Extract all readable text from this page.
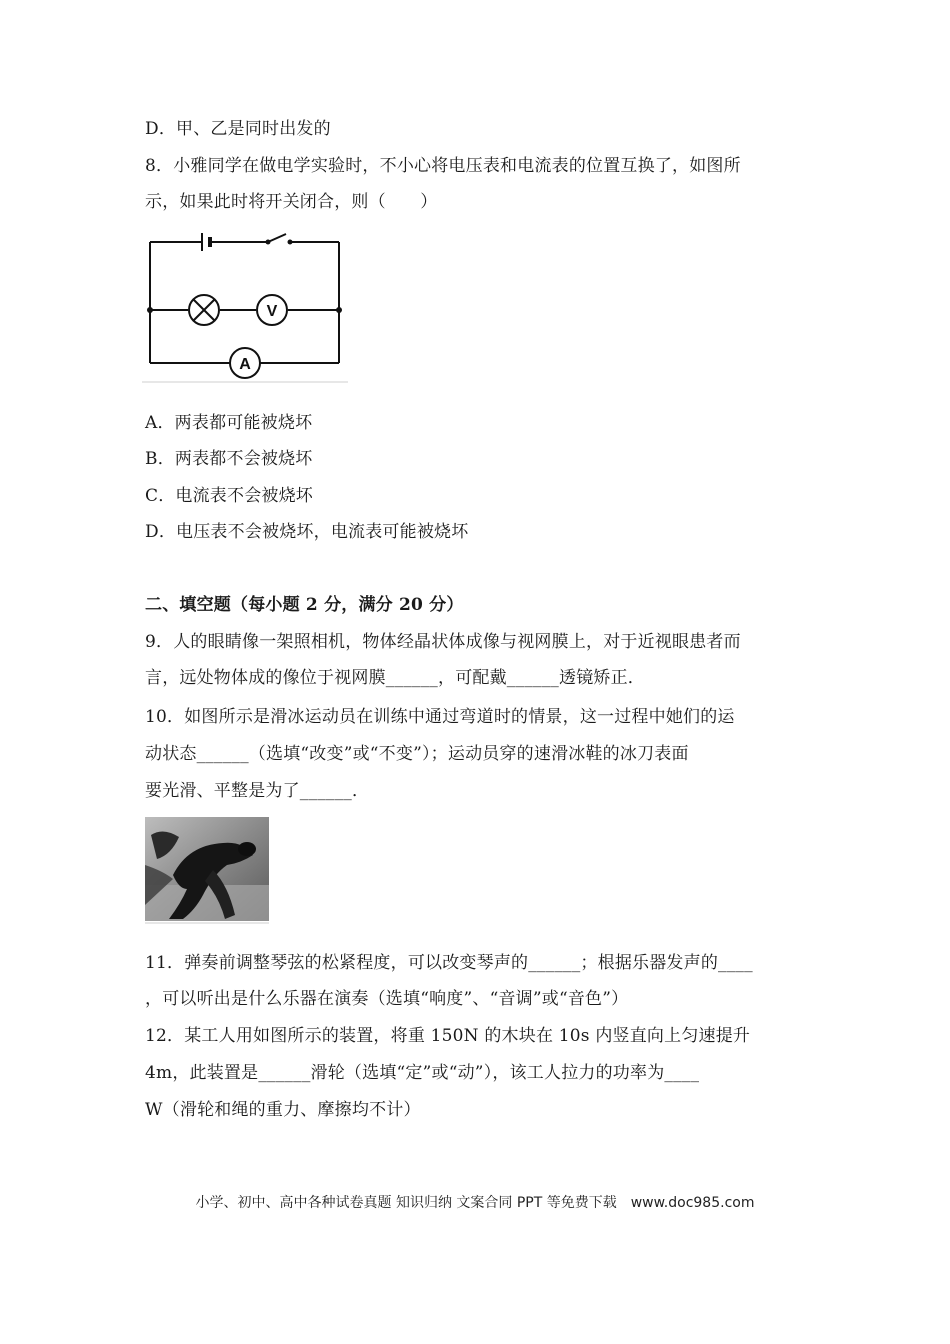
D．甲、乙是同时出发的
8．小雅同学在做电学实验时，不小心将电压表和电流表的位置互换了，如图所
示，如果此时将开关闭合，则（　　）
V
A
A．两表都可能被烧坏
B．两表都不会被烧坏
C．电流表不会被烧坏
D．电压表不会被烧坏，电流表可能被烧坏
二、填空题（每小题 2 分，满分 20 分）
9．人的眼睛像一架照相机，物体经晶状体成像与视网膜上，对于近视眼患者而
言，远处物体成的像位于视网膜______，可配戴______透镜矫正．
10．如图所示是滑冰运动员在训练中通过弯道时的情景，这一过程中她们的运
动状态______（选填“改变”或“不变”）；运动员穿的速滑冰鞋的冰刀表面
要光滑、平整是为了______．
11．弹奏前调整琴弦的松紧程度，可以改变琴声的______；根据乐器发声的____
，可以听出是什么乐器在演奏（选填“响度”、“音调”或“音色”）
12．某工人用如图所示的装置，将重 150N 的木块在 10s 内竖直向上匀速提升
4m，此装置是______滑轮（选填“定”或“动”），该工人拉力的功率为____
W（滑轮和绳的重力、摩擦均不计）
小学、初中、高中各种试卷真题 知识归纳 文案合同 PPT 等免费下载　www.doc985.com
